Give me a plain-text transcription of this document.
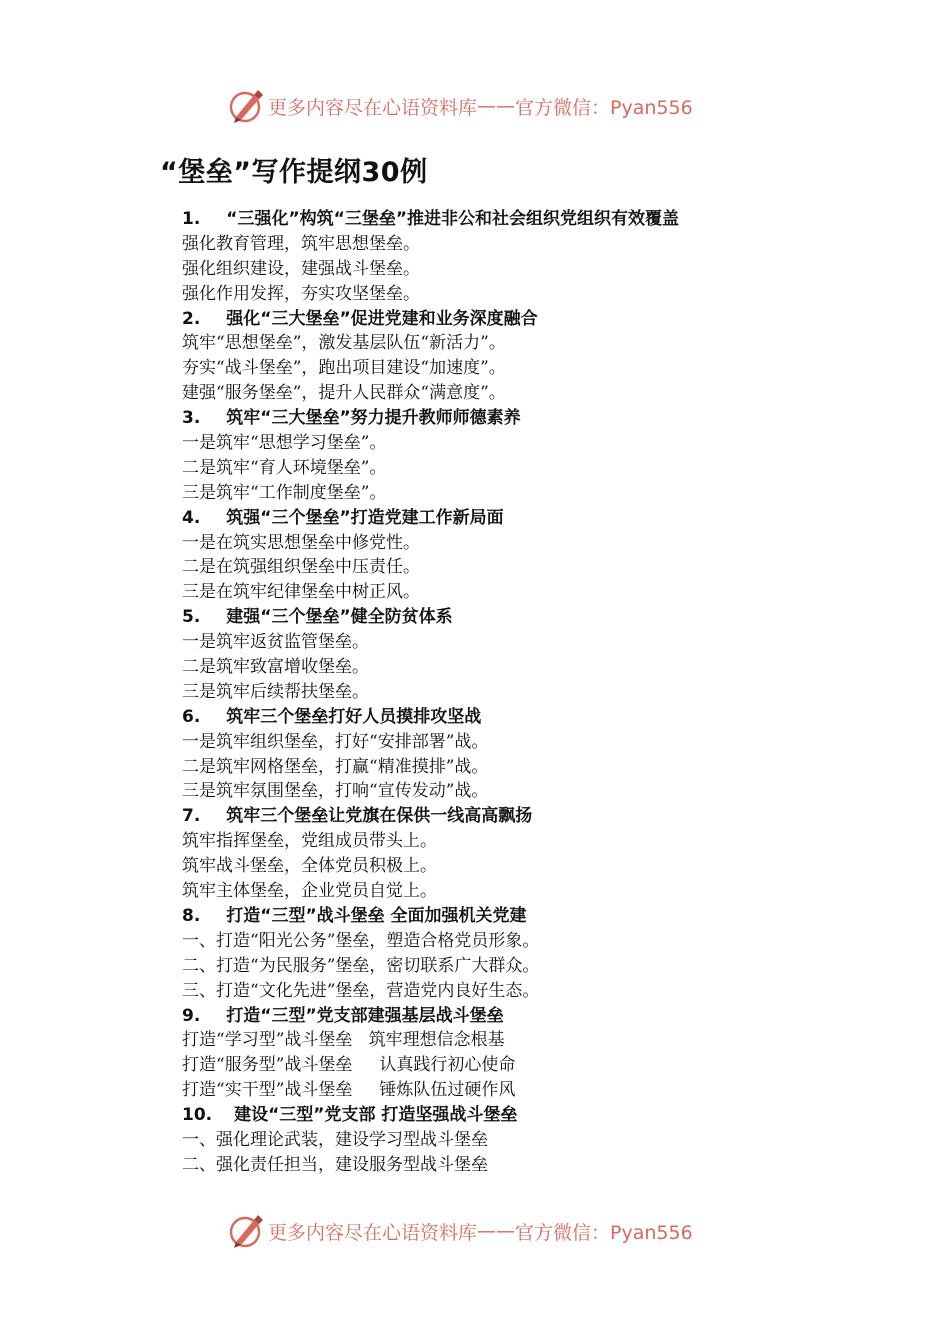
更多内容尽在心语资料库 —— 官方微信：Pyan556
“堡垒”写作提纲30例
1. “三强化”构筑“三堡垒”推进非公和社会组织党组织有效覆盖
强化教育管理，筑牢思想堡垒。
强化组织建设，建强战斗堡垒。
强化作用发挥，夯实攻坚堡垒。
2. 强化“三大堡垒”促进党建和业务深度融合
筑牢“思想堡垒”，激发基层队伍“新活力”。
夯实“战斗堡垒”，跑出项目建设“加速度”。
建强“服务堡垒”，提升人民群众“满意度”。
3. 筑牢“三大堡垒”努力提升教师师德素养
一是筑牢“思想学习堡垒”。
二是筑牢“育人环境堡垒”。
三是筑牢“工作制度堡垒”。
4. 筑强“三个堡垒”打造党建工作新局面
一是在筑实思想堡垒中修党性。
二是在筑强组织堡垒中压责任。
三是在筑牢纪律堡垒中树正风。
5. 建强“三个堡垒”健全防贫体系
一是筑牢返贫监管堡垒。
二是筑牢致富增收堡垒。
三是筑牢后续帮扶堡垒。
6. 筑牢三个堡垒打好人员摸排攻坚战
一是筑牢组织堡垒，打好“安排部署”战。
二是筑牢网格堡垒，打赢“精准摸排”战。
三是筑牢氛围堡垒，打响“宣传发动”战。
7. 筑牢三个堡垒让党旗在保供一线高高飘扬
筑牢指挥堡垒，党组成员带头上。
筑牢战斗堡垒，全体党员积极上。
筑牢主体堡垒，企业党员自觉上。
8. 打造“三型”战斗堡垒 全面加强机关党建
一、打造“阳光公务”堡垒，塑造合格党员形象。
二、打造“为民服务”堡垒，密切联系广大群众。
三、打造“文化先进”堡垒，营造党内良好生态。
9. 打造“三型”党支部建强基层战斗堡垒
打造“学习型”战斗堡垒   筑牢理想信念根基
打造“服务型”战斗堡垒     认真践行初心使命
打造“实干型”战斗堡垒     锤炼队伍过硬作风
10. 建设“三型”党支部 打造坚强战斗堡垒
一、强化理论武装，建设学习型战斗堡垒
二、强化责任担当，建设服务型战斗堡垒
更多内容尽在心语资料库 —— 官方微信：Pyan556
